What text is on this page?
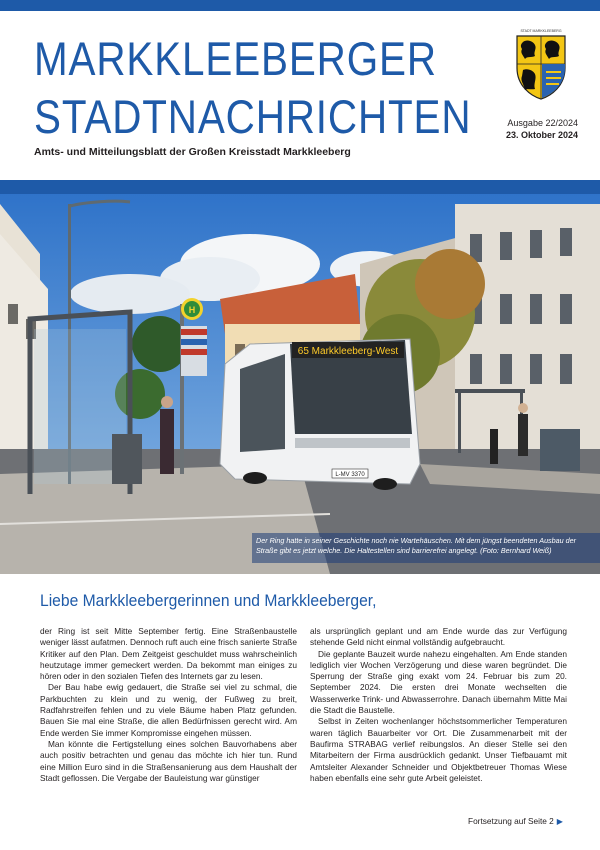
MARKKLEEBERGER
STADTNACHRICHTEN
STADT MARKKLEEBERG
Ausgabe 22/2024
23. Oktober 2024
Amts- und Mitteilungsblatt der Großen Kreisstadt Markkleeberg
H
65 Markkleeberg-West
L-MV 3370
Der Ring hatte in seiner Geschichte noch nie Wartehäuschen. Mit dem jüngst beendeten Ausbau der Straße gibt es jetzt welche. Die Haltestellen sind barrierefrei angelegt. (Foto: Bernhard Weiß)
Liebe Markkleebergerinnen und Markkleeberger,

der Ring ist seit Mitte September fertig. Eine Straßenbaustelle weniger lässt aufatmen. Dennoch ruft auch eine frisch sanierte Straße Kritiker auf den Plan. Dem Zeitgeist geschuldet muss wahrscheinlich heutzutage immer gemeckert werden. Da bekommt man einiges zu hören oder in den sozialen Tiefen des Internets gar zu lesen.

Der Bau habe ewig gedauert, die Straße sei viel zu schmal, die Parkbuchten zu klein und zu wenig, der Fußweg zu breit, Radfahrstreifen fehlen und zu viele Bäume haben Platz gefunden. Bauen Sie mal eine Straße, die allen Bedürfnissen gerecht wird. Am Ende werden Sie immer Kompromisse eingehen müssen.

Man könnte die Fertigstellung eines solchen Bauvorhabens aber auch positiv betrachten und genau das möchte ich hier tun. Rund eine Million Euro sind in die Straßensanierung aus dem Haushalt der Stadt geflossen. Die Vergabe der Bauleistung war günstiger

als ursprünglich geplant und am Ende wurde das zur Verfügung stehende Geld nicht einmal vollständig aufgebraucht.

Die geplante Bauzeit wurde nahezu eingehalten. Am Ende standen lediglich vier Wochen Verzögerung und diese waren begründet. Die Sperrung der Straße ging exakt vom 24. Februar bis zum 20. September 2024. Die ersten drei Monate wechselten die Wasserwerke Trink- und Abwasserrohre. Danach übernahm Mitte Mai die Stadt die Baustelle.

Selbst in Zeiten wochenlanger höchstsommerlicher Temperaturen waren täglich Bauarbeiter vor Ort. Die Zusammenarbeit mit der Baufirma STRABAG verlief reibungslos. An dieser Stelle sei den Mitarbeitern der Firma ausdrücklich gedankt. Unser Tiefbauamt mit Amtsleiter Alexander Schneider und Objektbetreuer Thomas Wiese haben ebenfalls eine sehr gute Arbeit geleistet.

Fortsetzung auf Seite 2 ▶
